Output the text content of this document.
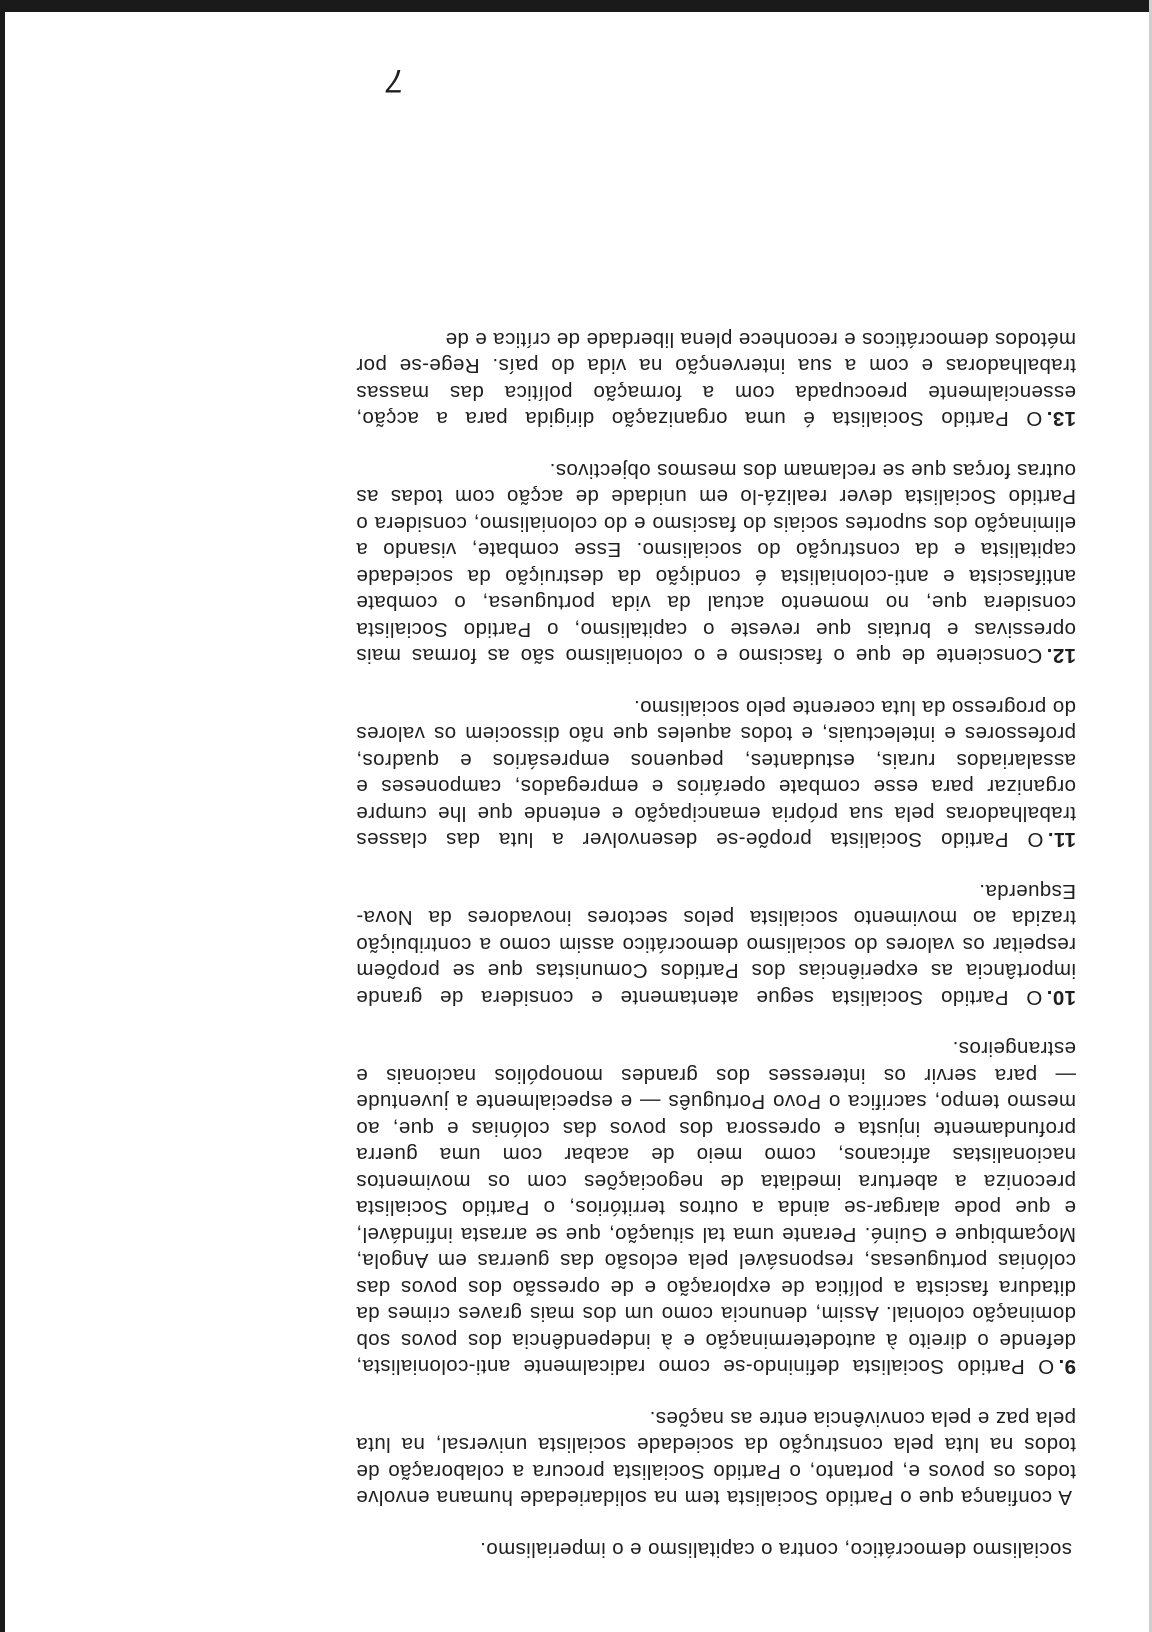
socialismo democrático, contra o capitalismo e o imperialismo.

A confiança que o Partido Socialista tem na solidariedade humana envolve todos os povos e, portanto, o Partido Socialista procura a colaboração de todos na luta pela construção da sociedade socialista universal, na luta pela paz e pela convivência entre as nações.

9.O Partido Socialista definindo-se como radicalmente anti-colonialista, defende o direito à autodeterminação e à independência dos povos sob dominação colonial. Assim, denuncia como um dos mais graves crimes da ditadura fascista a política de exploração e de opressão dos povos das colónias portuguesas, responsável pela eclosão das guerras em Angola, Moçambique e Guiné. Perante uma tal situação, que se arrasta infindável, e que pode alargar-se ainda a outros territórios, o Partido Socialista preconiza a abertura imediata de negociações com os movimentos nacionalistas africanos, como meio de acabar com uma guerra profundamente injusta e opressora dos povos das colónias e que, ao mesmo tempo, sacrifica o Povo Português — e especialmente a juventude — para servir os interesses dos grandes monopólios nacionais e estrangeiros.

10.O Partido Socialista segue atentamente e considera de grande importância as experiências dos Partidos Comunistas que se propõem respeitar os valores do socialismo democrático assim como a contribuição trazida ao movimento socialista pelos sectores inovadores da Nova-Esquerda.

11.O Partido Socialista propõe-se desenvolver a luta das classes trabalhadoras pela sua própria emancipação e entende que lhe cumpre organizar para esse combate operários e empregados, camponeses e assalariados rurais, estudantes, pequenos empresários e quadros, professores e intelectuais, e todos aqueles que não dissociem os valores do progresso da luta coerente pelo socialismo.

12.Consciente de que o fascismo e o colonialismo são as formas mais opressivas e brutais que reveste o capitalismo, o Partido Socialista considera que, no momento actual da vida portuguesa, o combate antifascista e anti-colonialista é condição da destruição da sociedade capitalista e da construção do socialismo. Esse combate, visando a eliminação dos suportes sociais do fascismo e do colonialismo, considera o Partido Socialista dever realizá-lo em unidade de acção com todas as outras forças que se reclamam dos mesmos objectivos.

13.O Partido Socialista é uma organização dirigida para a acção, essencialmente preocupada com a formação política das massas trabalhadoras e com a sua intervenção na vida do país. Rege-se por métodos democráticos e reconhece plena liberdade de crítica e de

7
